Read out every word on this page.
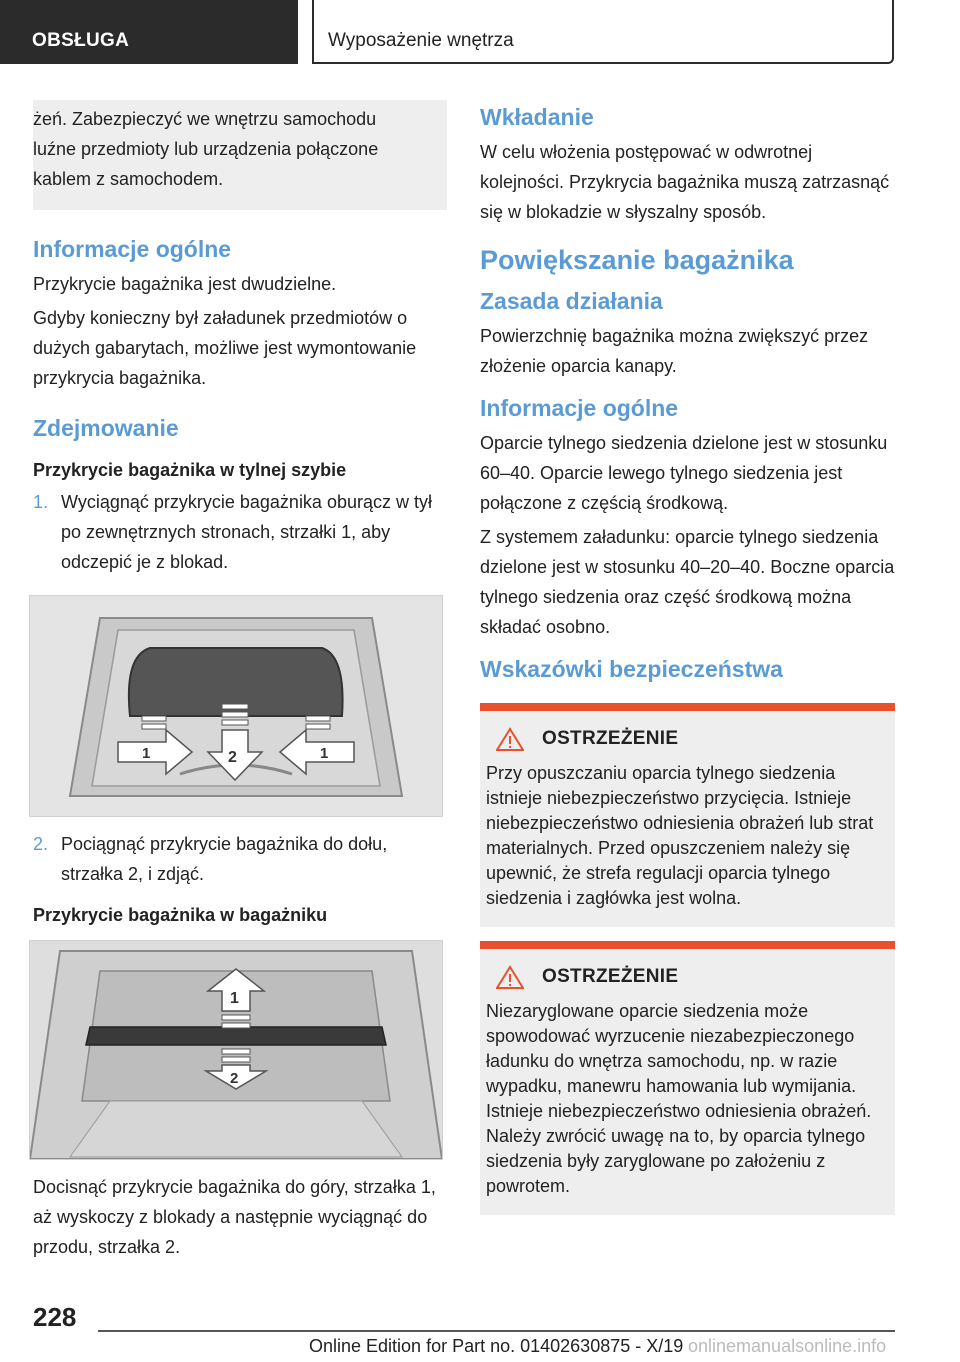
OBSŁUGA	Wyposażenie wnętrza

żeń. Zabezpieczyć we wnętrzu samochodu

luźne przedmioty lub urządzenia połączone

kablem z samochodem.

Informacje ogólne

Przykrycie bagażnika jest dwudzielne.

Gdyby konieczny był załadunek przedmiotów o dużych gabarytach, możliwe jest wymontowanie przykrycia bagażnika.

Zdejmowanie
Przykrycie bagażnika w tylnej szybie
1. Wyciągnąć przykrycie bagażnika oburącz w tył po zewnętrznych stronach, strzałki 1, aby odczepić je z blokad.
1	2	1
2. Pociągnąć przykrycie bagażnika do dołu, strzałka 2, i zdjąć.
Przykrycie bagażnika w bagażniku
1
2

Docisnąć przykrycie bagażnika do góry, strzałka 1, aż wyskoczy z blokady a następnie wyciągnąć do przodu, strzałka 2.

Wkładanie

W celu włożenia postępować w odwrotnej kolejności. Przykrycia bagażnika muszą zatrzasnąć się w blokadzie w słyszalny sposób.

Powiększanie bagażnika
Zasada działania

Powierzchnię bagażnika można zwiększyć przez złożenie oparcia kanapy.

Informacje ogólne

Oparcie tylnego siedzenia dzielone jest w stosunku 60–40. Oparcie lewego tylnego siedzenia jest połączone z częścią środkową.

Z systemem załadunku: oparcie tylnego siedzenia dzielone jest w stosunku 40–20–40. Boczne oparcia tylnego siedzenia oraz część środkową można składać osobno.

Wskazówki bezpieczeństwa
OSTRZEŻENIE

Przy opuszczaniu oparcia tylnego siedzenia istnieje niebezpieczeństwo przycięcia. Istnieje niebezpieczeństwo odniesienia obrażeń lub strat materialnych. Przed opuszczeniem należy się upewnić, że strefa regulacji oparcia tylnego siedzenia i zagłówka jest wolna.

OSTRZEŻENIE

Niezaryglowane oparcie siedzenia może spowodować wyrzucenie niezabezpieczonego ładunku do wnętrza samochodu, np. w razie wypadku, manewru hamowania lub wymijania. Istnieje niebezpieczeństwo odniesienia obrażeń. Należy zwrócić uwagę na to, by oparcia tylnego siedzenia były zaryglowane po założeniu z powrotem.

228
Online Edition for Part no. 01402630875 - X/19 onlinemanualsonline.info
